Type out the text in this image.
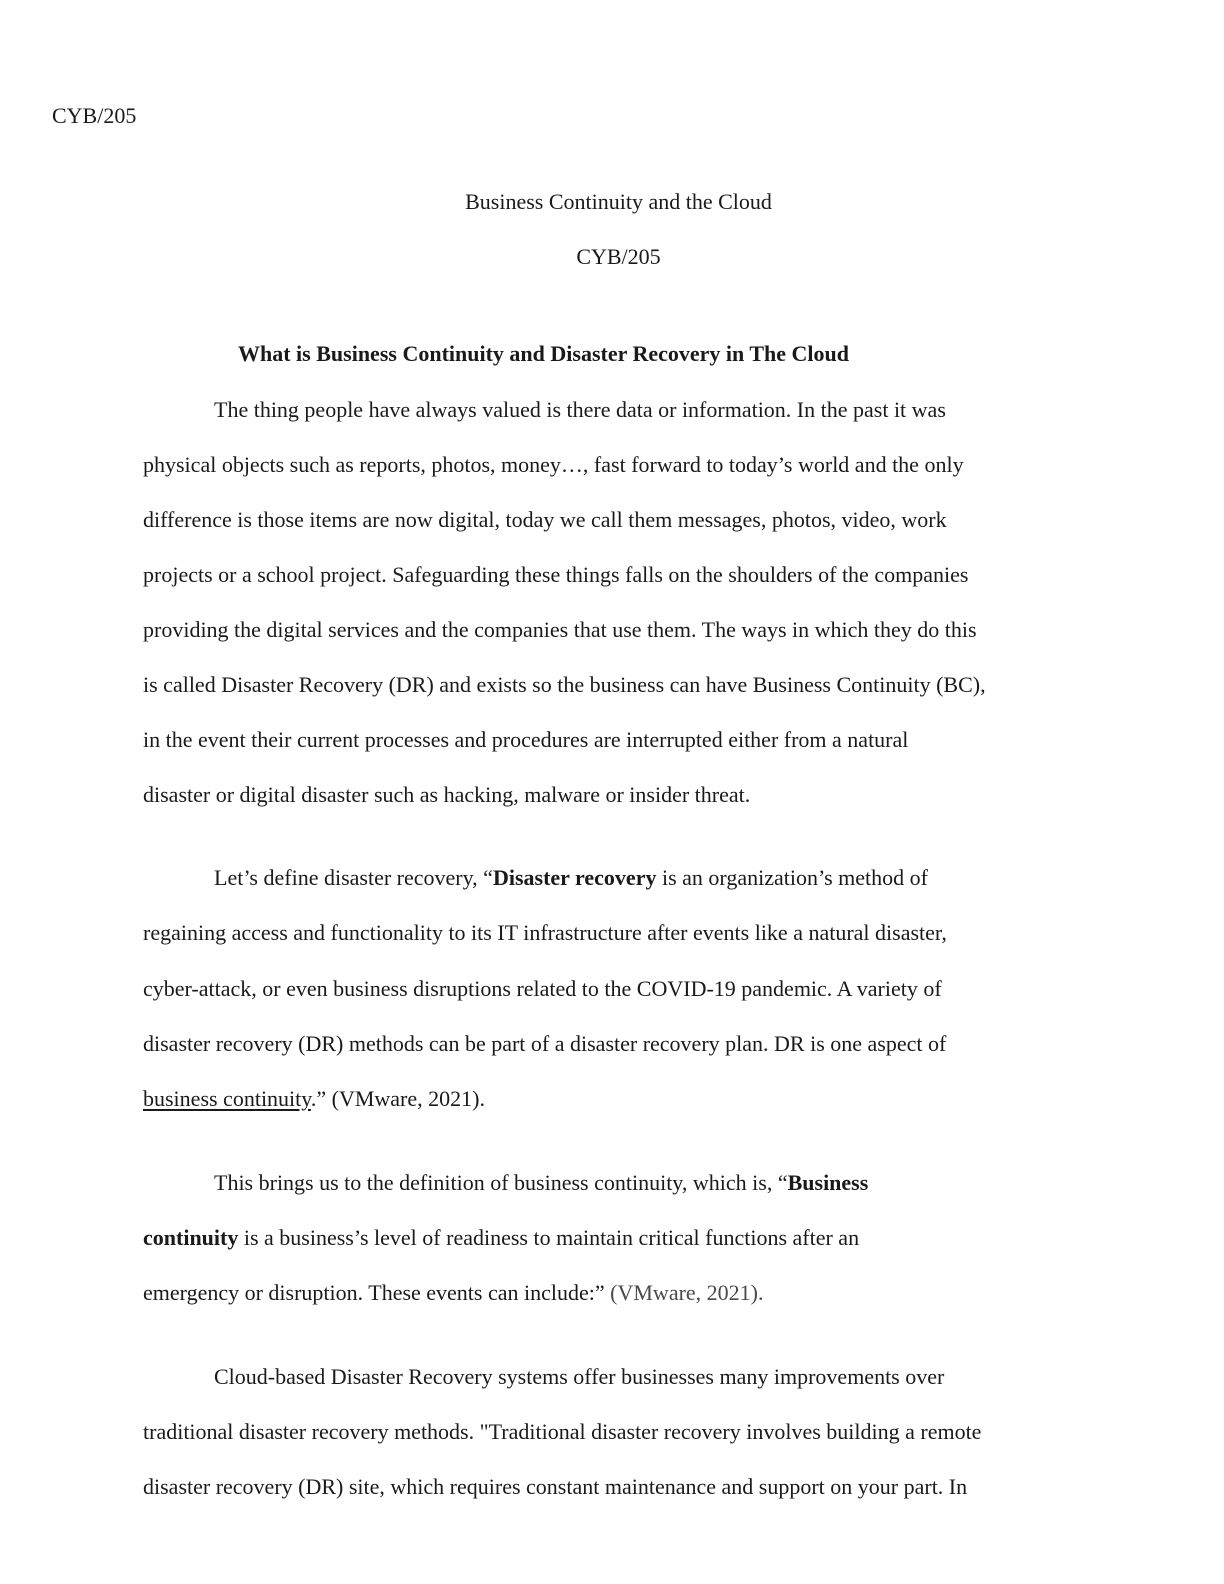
CYB/205
Business Continuity and the Cloud
CYB/205
What is Business Continuity and Disaster Recovery in The Cloud
The thing people have always valued is there data or information. In the past it was
physical objects such as reports, photos, money…, fast forward to today’s world and the only
difference is those items are now digital, today we call them messages, photos, video, work
projects or a school project. Safeguarding these things falls on the shoulders of the companies
providing the digital services and the companies that use them. The ways in which they do this
is called Disaster Recovery (DR) and exists so the business can have Business Continuity (BC),
in the event their current processes and procedures are interrupted either from a natural
disaster or digital disaster such as hacking, malware or insider threat.
Let’s define disaster recovery, “Disaster recovery is an organization’s method of
regaining access and functionality to its IT infrastructure after events like a natural disaster,
cyber-attack, or even business disruptions related to the COVID-19 pandemic. A variety of
disaster recovery (DR) methods can be part of a disaster recovery plan. DR is one aspect of
business continuity.” (VMware, 2021).
This brings us to the definition of business continuity, which is, “Business
continuity is a business’s level of readiness to maintain critical functions after an
emergency or disruption. These events can include:” (VMware, 2021).
Cloud-based Disaster Recovery systems offer businesses many improvements over
traditional disaster recovery methods. "Traditional disaster recovery involves building a remote
disaster recovery (DR) site, which requires constant maintenance and support on your part. In
